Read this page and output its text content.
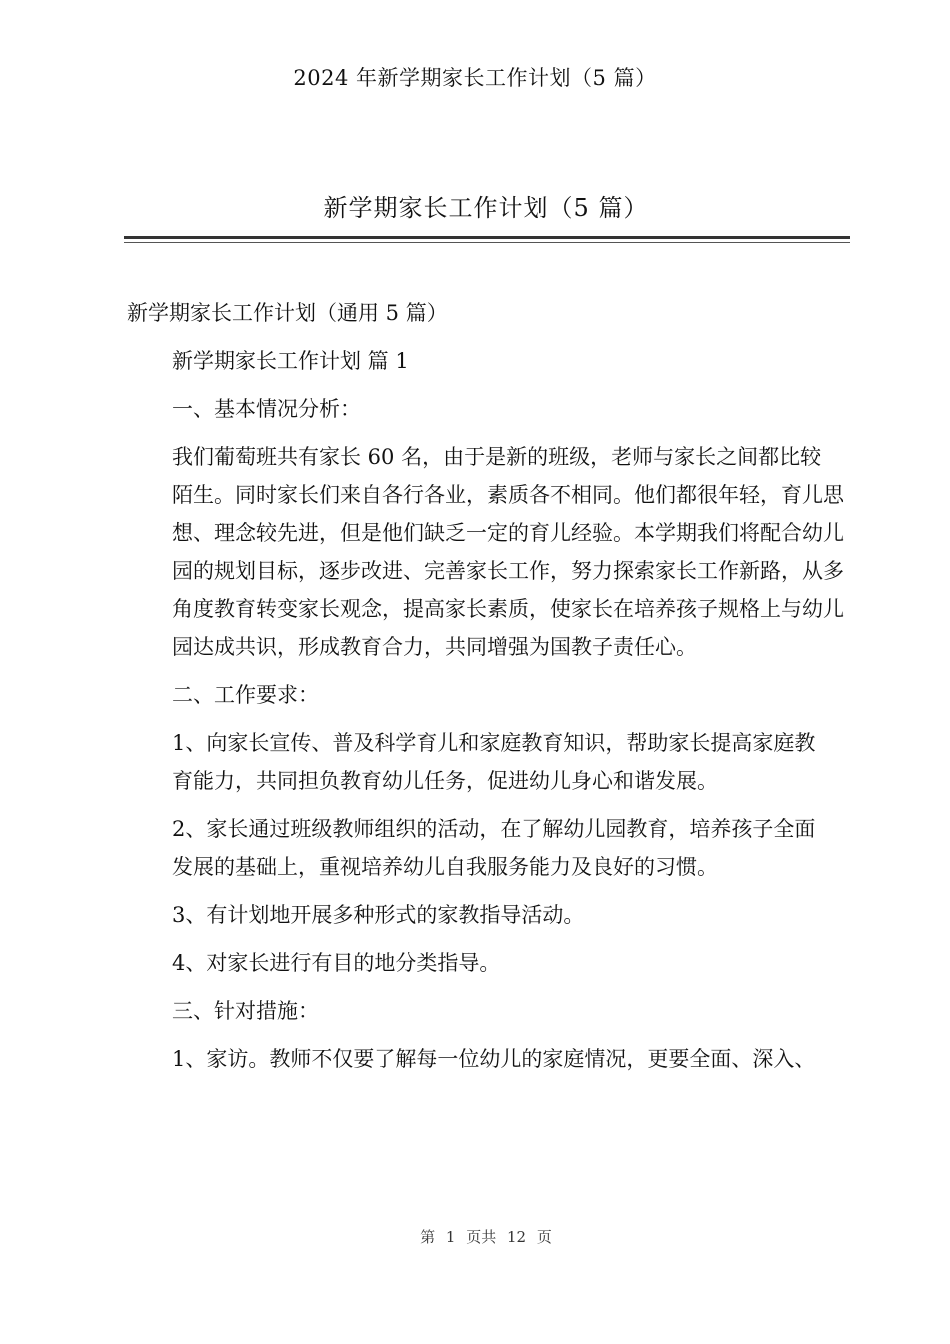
2024 年新学期家长工作计划（5 篇）
新学期家长工作计划（5 篇）

新学期家长工作计划（通用 5 篇）

新学期家长工作计划 篇 1

一、基本情况分析：

我们葡萄班共有家长 60 名，由于是新的班级，老师与家长之间都比较
陌生。同时家长们来自各行各业，素质各不相同。他们都很年轻，育儿思
想、理念较先进，但是他们缺乏一定的育儿经验。本学期我们将配合幼儿
园的规划目标，逐步改进、完善家长工作，努力探索家长工作新路，从多
角度教育转变家长观念，提高家长素质，使家长在培养孩子规格上与幼儿
园达成共识，形成教育合力，共同增强为国教子责任心。

二、工作要求：

1、向家长宣传、普及科学育儿和家庭教育知识，帮助家长提高家庭教
育能力，共同担负教育幼儿任务，促进幼儿身心和谐发展。

2、家长通过班级教师组织的活动，在了解幼儿园教育，培养孩子全面
发展的基础上，重视培养幼儿自我服务能力及良好的习惯。

3、有计划地开展多种形式的家教指导活动。

4、对家长进行有目的地分类指导。

三、针对措施：

1、家访。教师不仅要了解每一位幼儿的家庭情况，更要全面、深入、

第 1 页共 12 页
